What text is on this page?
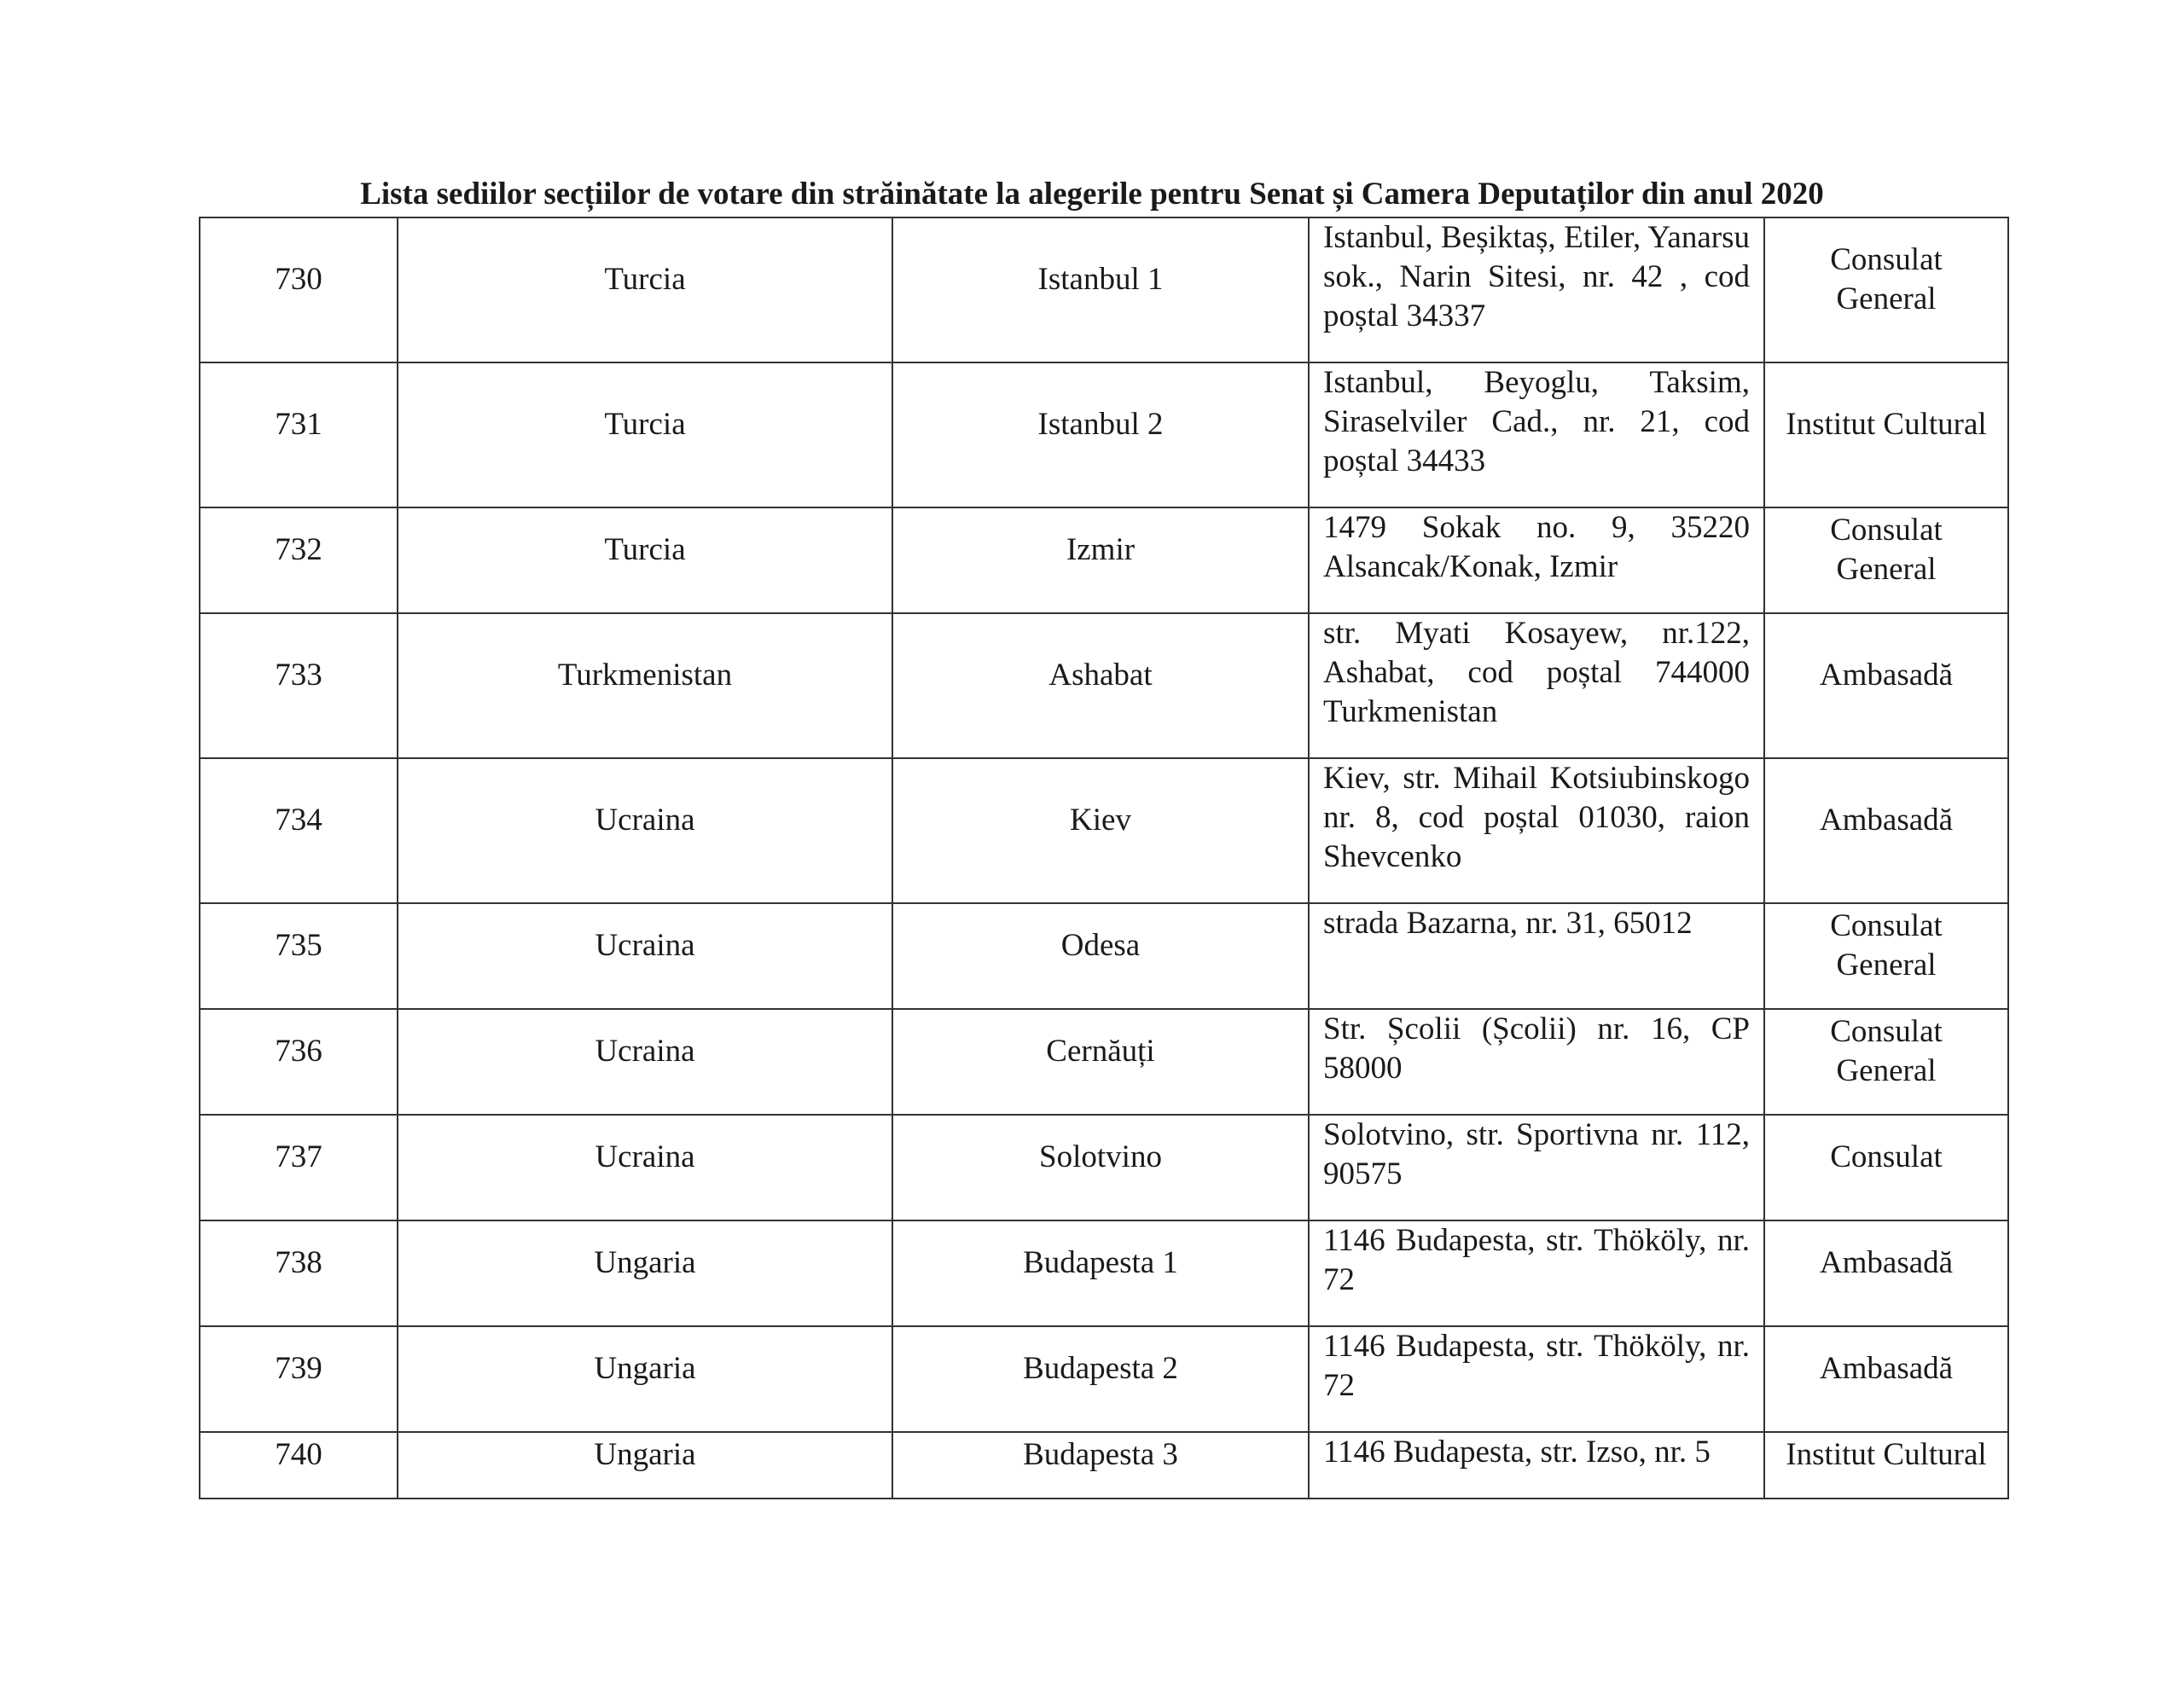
Lista sediilor secțiilor de votare din străinătate la alegerile pentru Senat și Camera Deputaților din anul 2020
730	Turcia	Istanbul 1	Istanbul, Beșiktaș, Etiler, Yanarsu sok., Narin Sitesi, nr. 42 , cod poștal 34337	Consulat General
731	Turcia	Istanbul 2	Istanbul, Beyoglu, Taksim, Siraselviler Cad., nr. 21, cod poștal 34433	Institut Cultural
732	Turcia	Izmir	1479 Sokak no. 9, 35220 Alsancak/Konak, Izmir	Consulat General
733	Turkmenistan	Ashabat	str. Myati Kosayew, nr.122, Ashabat, cod poștal 744000 Turkmenistan	Ambasadă
734	Ucraina	Kiev	Kiev, str. Mihail Kotsiubinskogo nr. 8, cod poștal 01030, raion Shevcenko	Ambasadă
735	Ucraina	Odesa	strada Bazarna, nr. 31, 65012	Consulat General
736	Ucraina	Cernăuți	Str. Școlii (Școlii) nr. 16, CP 58000	Consulat General
737	Ucraina	Solotvino	Solotvino, str. Sportivna nr. 112, 90575	Consulat
738	Ungaria	Budapesta 1	1146 Budapesta, str. Thököly, nr. 72	Ambasadă
739	Ungaria	Budapesta 2	1146 Budapesta, str. Thököly, nr. 72	Ambasadă
740	Ungaria	Budapesta 3	1146 Budapesta, str. Izso, nr. 5	Institut Cultural
